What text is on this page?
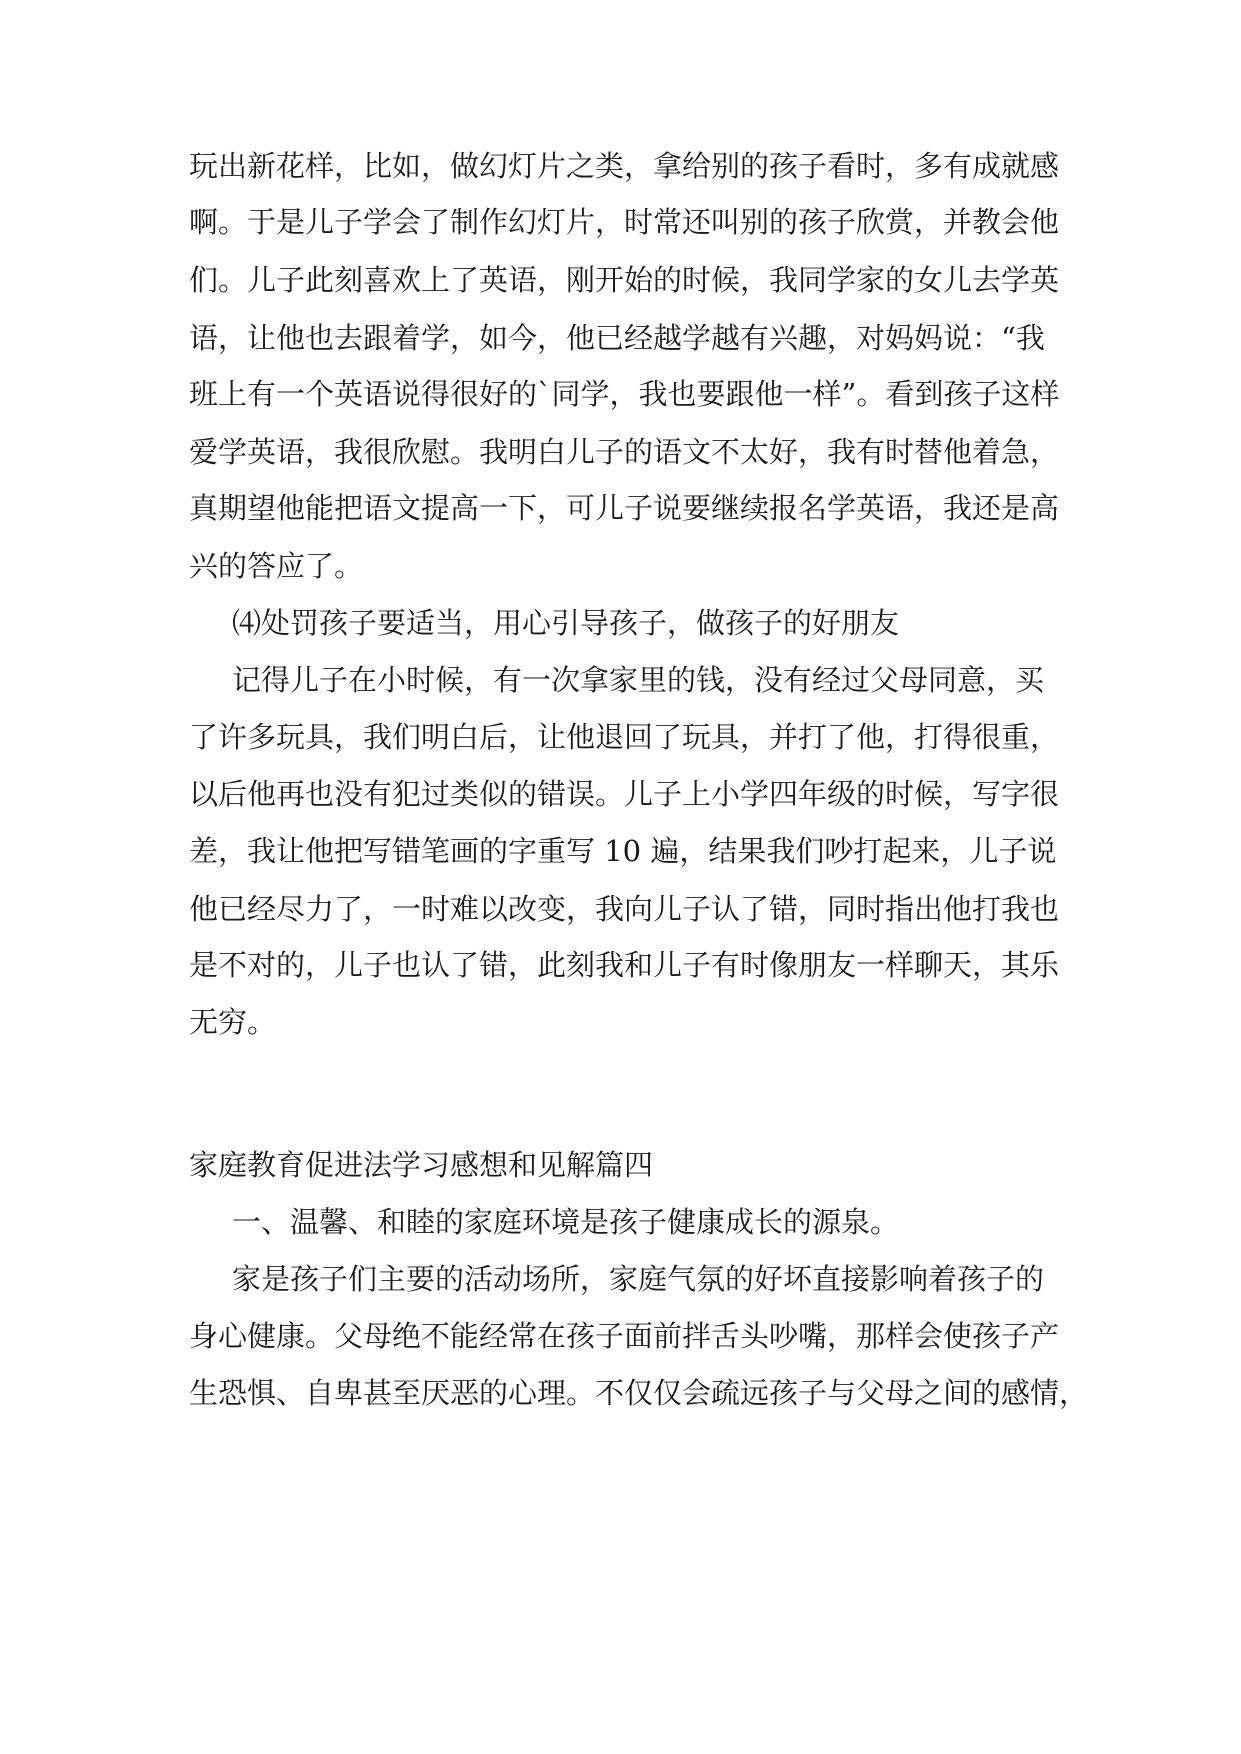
玩出新花样，比如，做幻灯片之类，拿给别的孩子看时，多有成就感
啊。于是儿子学会了制作幻灯片，时常还叫别的孩子欣赏，并教会他
们。儿子此刻喜欢上了英语，刚开始的时候，我同学家的女儿去学英
语，让他也去跟着学，如今，他已经越学越有兴趣，对妈妈说：“我
班上有一个英语说得很好的`同学，我也要跟他一样”。看到孩子这样
爱学英语，我很欣慰。我明白儿子的语文不太好，我有时替他着急，
真期望他能把语文提高一下，可儿子说要继续报名学英语，我还是高
兴的答应了。
⑷处罚孩子要适当，用心引导孩子，做孩子的好朋友
记得儿子在小时候，有一次拿家里的钱，没有经过父母同意，买
了许多玩具，我们明白后，让他退回了玩具，并打了他，打得很重，
以后他再也没有犯过类似的错误。儿子上小学四年级的时候，写字很
差，我让他把写错笔画的字重写 10 遍，结果我们吵打起来，儿子说
他已经尽力了，一时难以改变，我向儿子认了错，同时指出他打我也
是不对的，儿子也认了错，此刻我和儿子有时像朋友一样聊天，其乐
无穷。
家庭教育促进法学习感想和见解篇四
一、温馨、和睦的家庭环境是孩子健康成长的源泉。
家是孩子们主要的活动场所，家庭气氛的好坏直接影响着孩子的
身心健康。父母绝不能经常在孩子面前拌舌头吵嘴，那样会使孩子产
生恐惧、自卑甚至厌恶的心理。不仅仅会疏远孩子与父母之间的感情，
